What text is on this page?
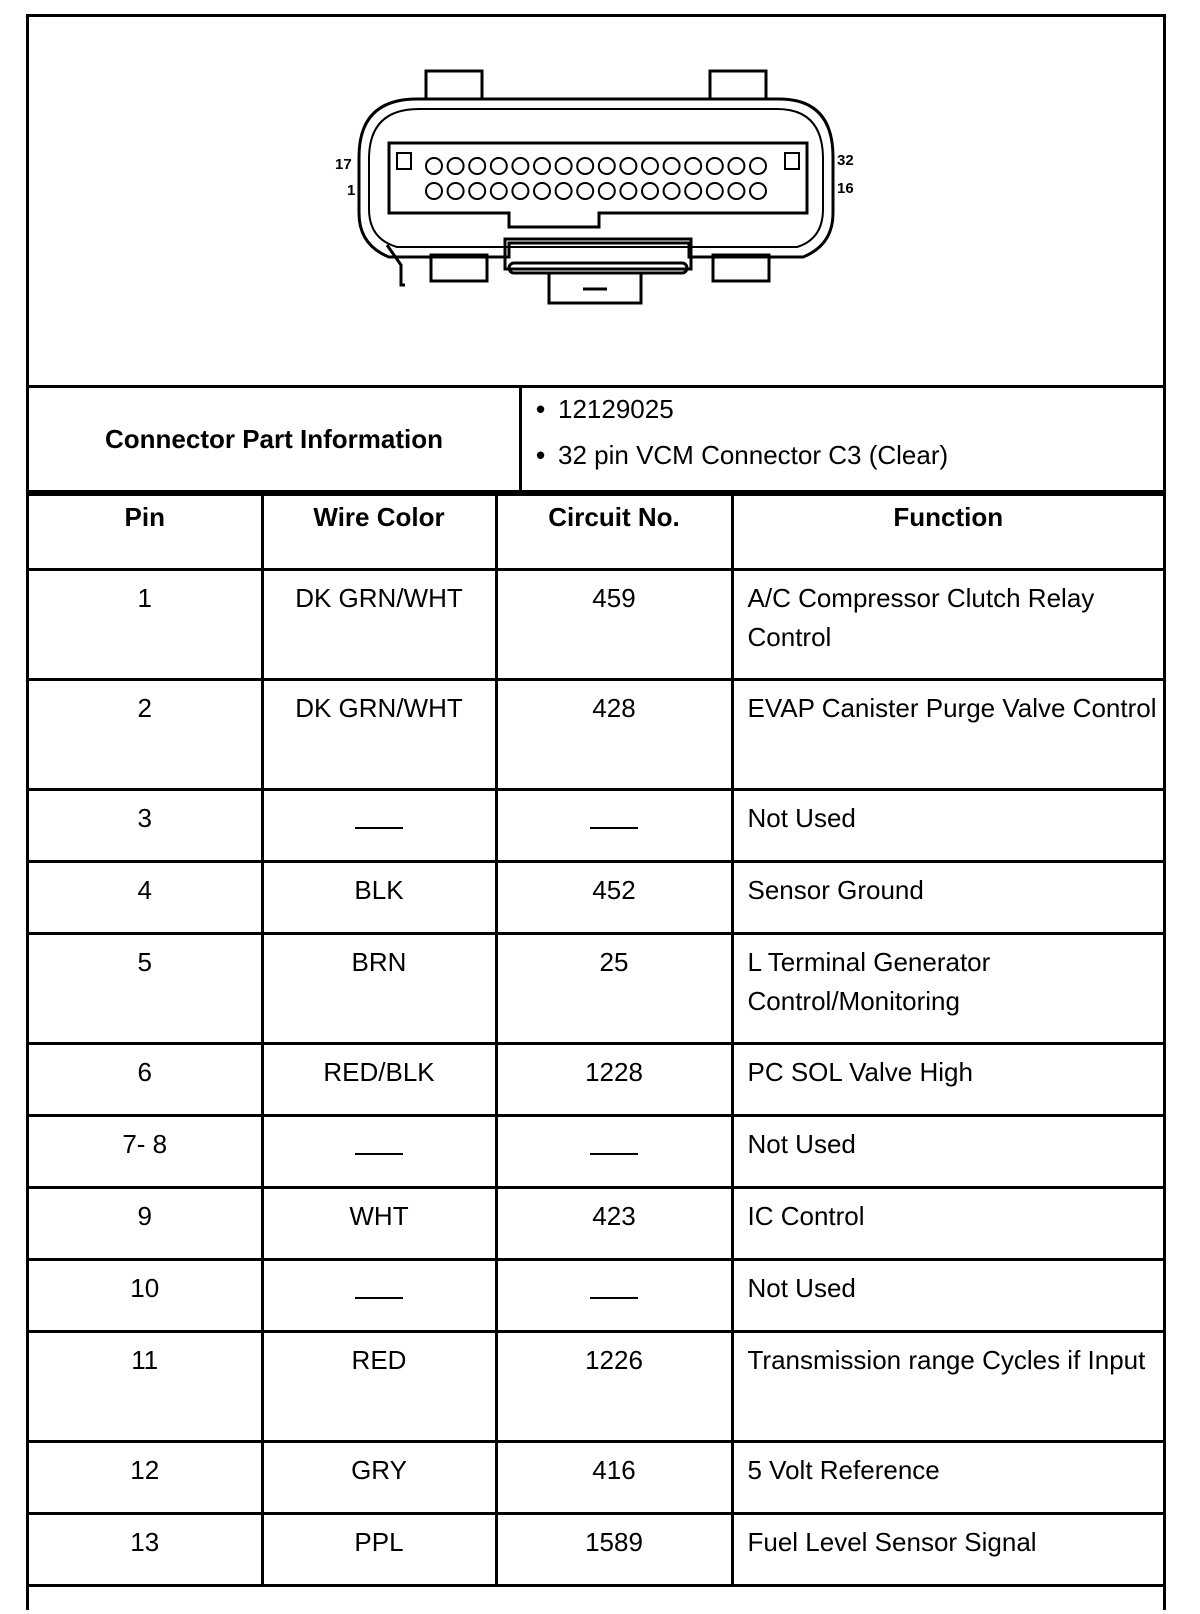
17
1
32
16
Connector Part Information
• 12129025
• 32 pin VCM Connector C3 (Clear)
Pin	Wire Color	Circuit No.	Function
1	DK GRN/WHT	459	A/C Compressor Clutch Relay Control
2	DK GRN/WHT	428	EVAP Canister Purge Valve Control
3			Not Used
4	BLK	452	Sensor Ground
5	BRN	25	L Terminal Generator Control/Monitoring
6	RED/BLK	1228	PC SOL Valve High
7- 8			Not Used
9	WHT	423	IC Control
10			Not Used
11	RED	1226	Transmission range Cycles if Input
12	GRY	416	5 Volt Reference
13	PPL	1589	Fuel Level Sensor Signal
